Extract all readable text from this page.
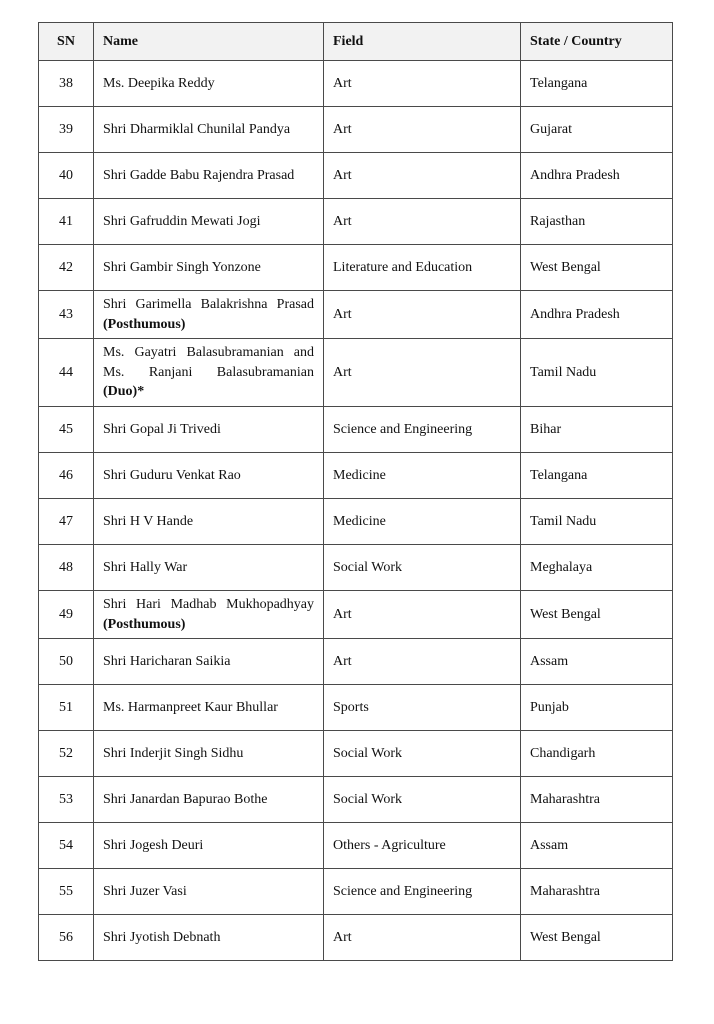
SN	Name	Field	State / Country
38	Ms. Deepika Reddy	Art	Telangana
39	Shri Dharmiklal Chunilal Pandya	Art	Gujarat
40	Shri Gadde Babu Rajendra Prasad	Art	Andhra Pradesh
41	Shri Gafruddin Mewati Jogi	Art	Rajasthan
42	Shri Gambir Singh Yonzone	Literature and Education	West Bengal
43	Shri Garimella Balakrishna Prasad (Posthumous)	Art	Andhra Pradesh
44	Ms. Gayatri Balasubramanian and Ms. Ranjani Balasubramanian (Duo)*	Art	Tamil Nadu
45	Shri Gopal Ji Trivedi	Science and Engineering	Bihar
46	Shri Guduru Venkat Rao	Medicine	Telangana
47	Shri H V Hande	Medicine	Tamil Nadu
48	Shri Hally War	Social Work	Meghalaya
49	Shri Hari Madhab Mukhopadhyay (Posthumous)	Art	West Bengal
50	Shri Haricharan Saikia	Art	Assam
51	Ms. Harmanpreet Kaur Bhullar	Sports	Punjab
52	Shri Inderjit Singh Sidhu	Social Work	Chandigarh
53	Shri Janardan Bapurao Bothe	Social Work	Maharashtra
54	Shri Jogesh Deuri	Others - Agriculture	Assam
55	Shri Juzer Vasi	Science and Engineering	Maharashtra
56	Shri Jyotish Debnath	Art	West Bengal
